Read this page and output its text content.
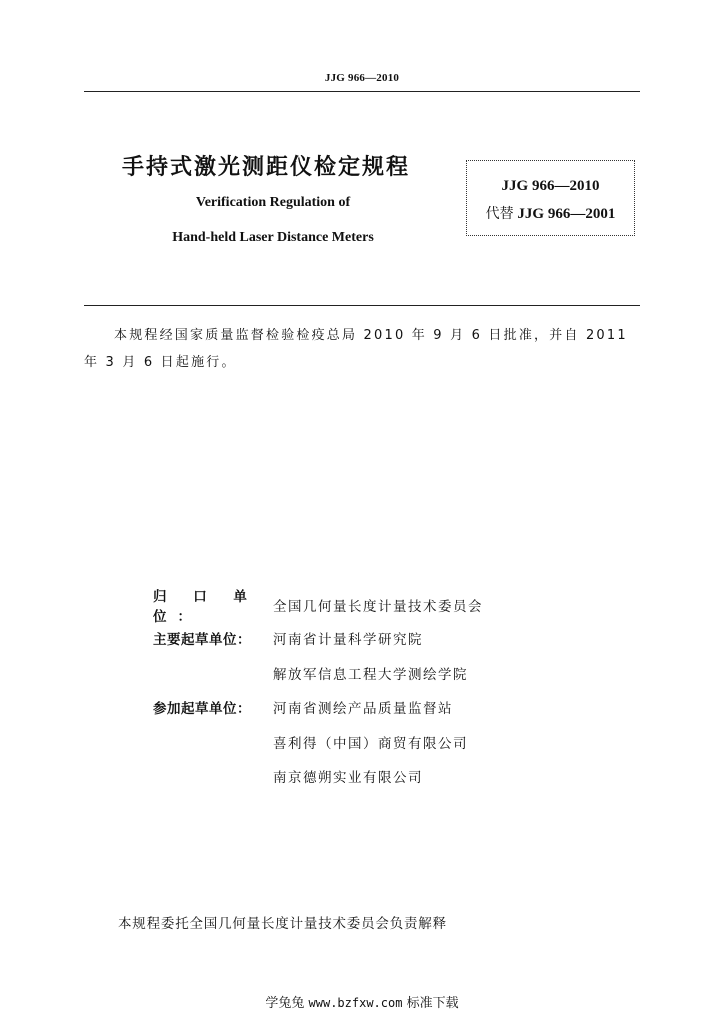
JJG 966—2010
手持式激光测距仪检定规程
Verification Regulation of
Hand-held Laser Distance Meters
JJG 966—2010
代替 JJG 966—2001
本规程经国家质量监督检验检疫总局 2010 年 9 月 6 日批准，并自 2011 年 3 月 6 日起施行。
归 口 单 位：
全国几何量长度计量技术委员会
主要起草单位：	河南省计量科学研究院
解放军信息工程大学测绘学院
参加起草单位：	河南省测绘产品质量监督站
喜利得（中国）商贸有限公司
南京德朔实业有限公司
本规程委托全国几何量长度计量技术委员会负责解释
学兔兔 www.bzfxw.com 标准下载
